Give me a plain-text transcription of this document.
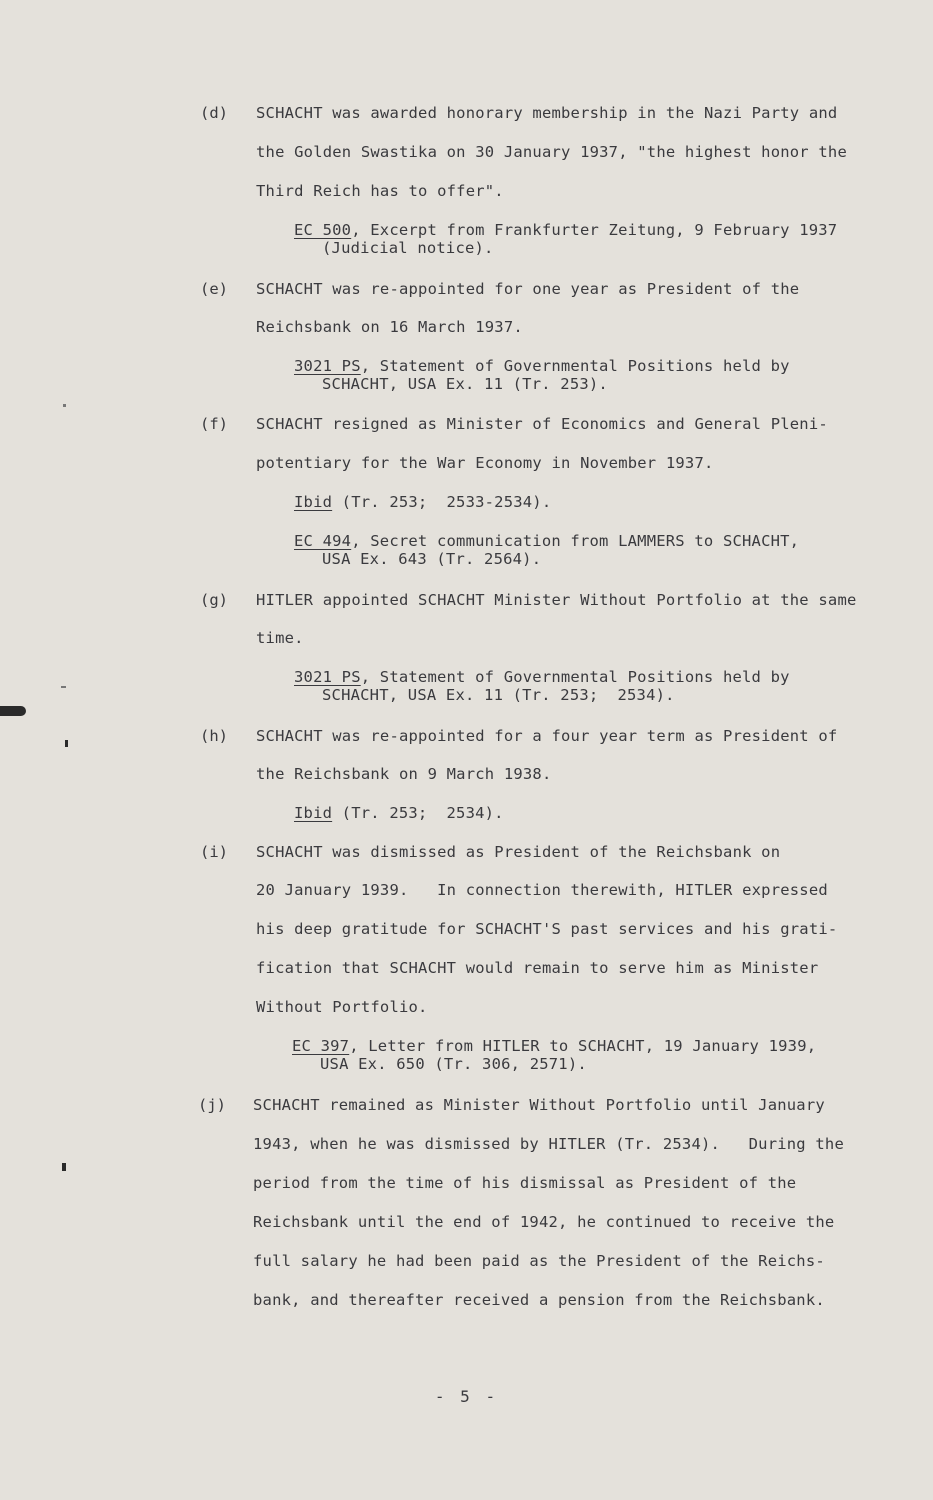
(d) SCHACHT was awarded honorary membership in the Nazi Party and
the Golden Swastika on 30 January 1937, "the highest honor the
Third Reich has to offer".
EC 500, Excerpt from Frankfurter Zeitung, 9 February 1937
(Judicial notice).
(e) SCHACHT was re-appointed for one year as President of the
Reichsbank on 16 March 1937.
3021 PS, Statement of Governmental Positions held by
SCHACHT, USA Ex. 11 (Tr. 253).
(f) SCHACHT resigned as Minister of Economics and General Pleni-
potentiary for the War Economy in November 1937.
Ibid (Tr. 253;  2533-2534).
EC 494, Secret communication from LAMMERS to SCHACHT,
USA Ex. 643 (Tr. 2564).
(g) HITLER appointed SCHACHT Minister Without Portfolio at the same
time.
3021 PS, Statement of Governmental Positions held by
SCHACHT, USA Ex. 11 (Tr. 253;  2534).
(h) SCHACHT was re-appointed for a four year term as President of
the Reichsbank on 9 March 1938.
Ibid (Tr. 253;  2534).
(i) SCHACHT was dismissed as President of the Reichsbank on
20 January 1939.   In connection therewith, HITLER expressed
his deep gratitude for SCHACHT'S past services and his grati-
fication that SCHACHT would remain to serve him as Minister
Without Portfolio.
EC 397, Letter from HITLER to SCHACHT, 19 January 1939,
USA Ex. 650 (Tr. 306, 2571).
(j) SCHACHT remained as Minister Without Portfolio until January
1943, when he was dismissed by HITLER (Tr. 2534).   During the
period from the time of his dismissal as President of the
Reichsbank until the end of 1942, he continued to receive the
full salary he had been paid as the President of the Reichs-
bank, and thereafter received a pension from the Reichsbank.
- 5 -
